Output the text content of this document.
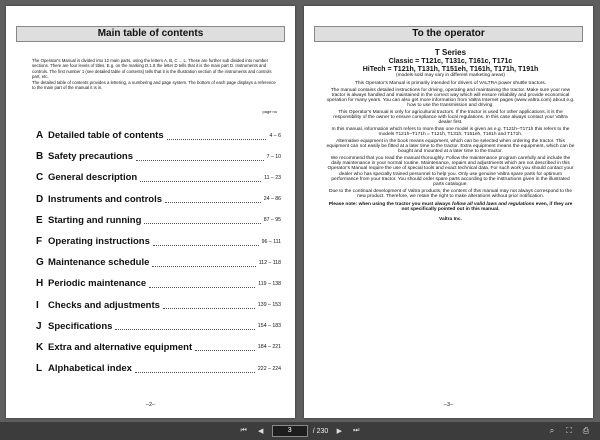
Main table of contents

The Operator's Manual is divided into 12 main parts, using the letters A, B, C ... L. These are further sub divided into number sections. There are four levels of titles. E.g. on the marking D.1.8 the letter D tells that it is the main part D. Instruments and controls. The first number 1 (see detailed table of contents) tells that it is the illustration section of the instruments and controls part, etc.

The detailed table of contents provides a lettering, a numbering and page system. The bottom of each page displays a reference to the main part of the manual it is in.

page no
A Detailed table of contents	4 – 6
B Safety precautions	7 – 10
C General description	11 – 23
D Instruments and controls	24 – 86
E Starting and running	87 – 95
F Operating instructions	96 – 111
G Maintenance schedule	112 – 118
H Periodic maintenance	119 – 138
I Checks and adjustments	139 – 153
J Specifications	154 – 183
K Extra and alternative equipment	184 – 221
L Alphabetical index	222 – 224
–2–
To the operator
T Series
Classic = T121c, T131c, T161c, T171c
HiTech = T121h, T131h, T151eh, T161h, T171h, T191h
(models sold may vary in different marketing areas)

This Operator's Manual is primarily intended for drivers of VALTRA power shuttle tractors.

The manual contains detailed instructions for driving, operating and maintaining the tractor. Make sure your new tractor is always handled and maintained in the correct way which will ensure reliability and provide economical operation for many years. You can also get more information from Valtra Internet pages (www.valtra.com) about e.g. how to use the transmission and driving.

This Operator's Manual is only for agricultural tractors. If the tractor is used for other applications, it is the responsibility of the owner to ensure compliance with local regulations. In this case always contact your Valtra dealer first.

In this manual, information which refers to more than one model is given as e.g. T121h–T171h this refers to the models T121h–T171h = T121h, T131h, T151eh, T161h and T171h.

Alternative equipment in the book means equipment, which can be selected when ordering the tractor. This equipment can not easily be fitted at a later time to the tractor. Extra equipment means the equipment, which can be bought and mounted at a later time to the tractor.

We recommend that you read the manual thoroughly. Follow the maintenance program carefully and include the daily maintenance in your normal routine. Maintenance, repairs and adjustments which are not described in this Operator's Manual require the use of special tools and exact technical data. For such work you should contact your dealer who has specially trained personnel to help you. Only use genuine Valtra spare parts for optimum performance from your tractor. You should order spare parts according to the instructions given in the illustrated parts catalogue.

Due to the continual development of Valtra products, the content of this manual may not always correspond to the new product. Therefore, we retain the right to make alterations without prior notification.

Please note: when using the tractor you must always follow all valid laws and regulations even, if they are not specifically pointed out in this manual.

Valtra Inc.

–3–
⏮	◀	3	/ 230	▶	⏭	⌕	⛶	⎙
